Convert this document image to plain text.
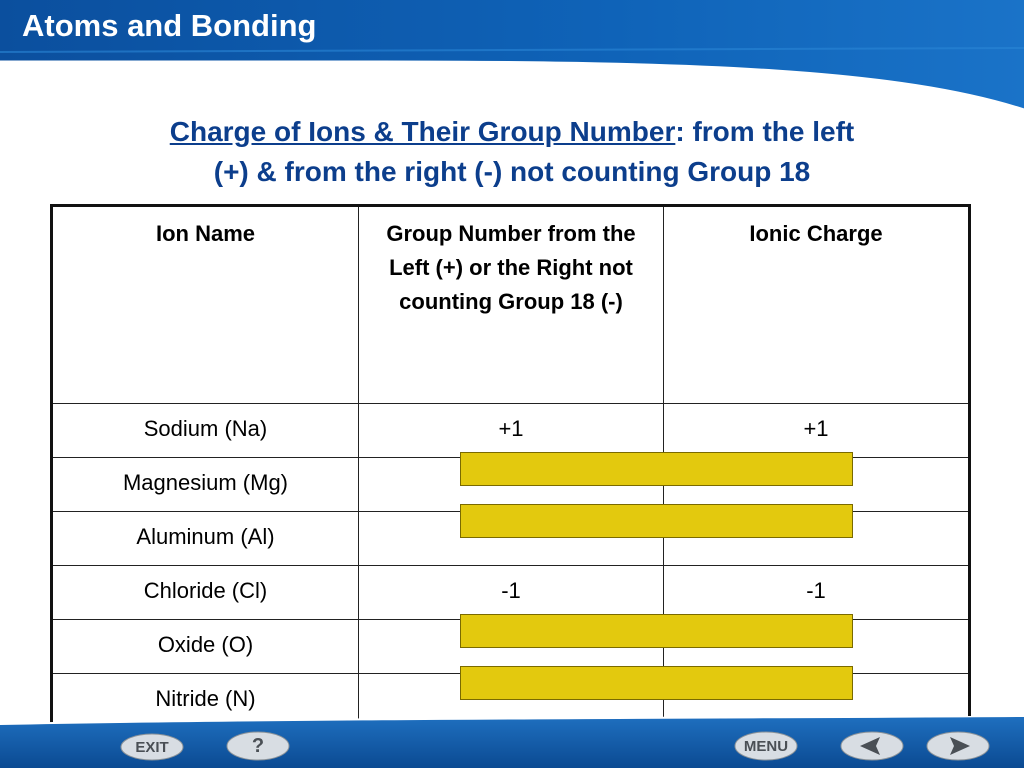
Atoms and Bonding
Charge of Ions & Their Group Number: from the left
(+) & from the right (-) not counting Group 18
Ion Name	Group Number from the Left (+) or the Right not counting Group 18 (-)	Ionic Charge

Sodium (Na)	+1	+1
Magnesium (Mg)		
Aluminum (Al)		
Chloride (Cl)	-1	-1
Oxide (O)		
Nitride (N)		
EXIT	?	MENU
